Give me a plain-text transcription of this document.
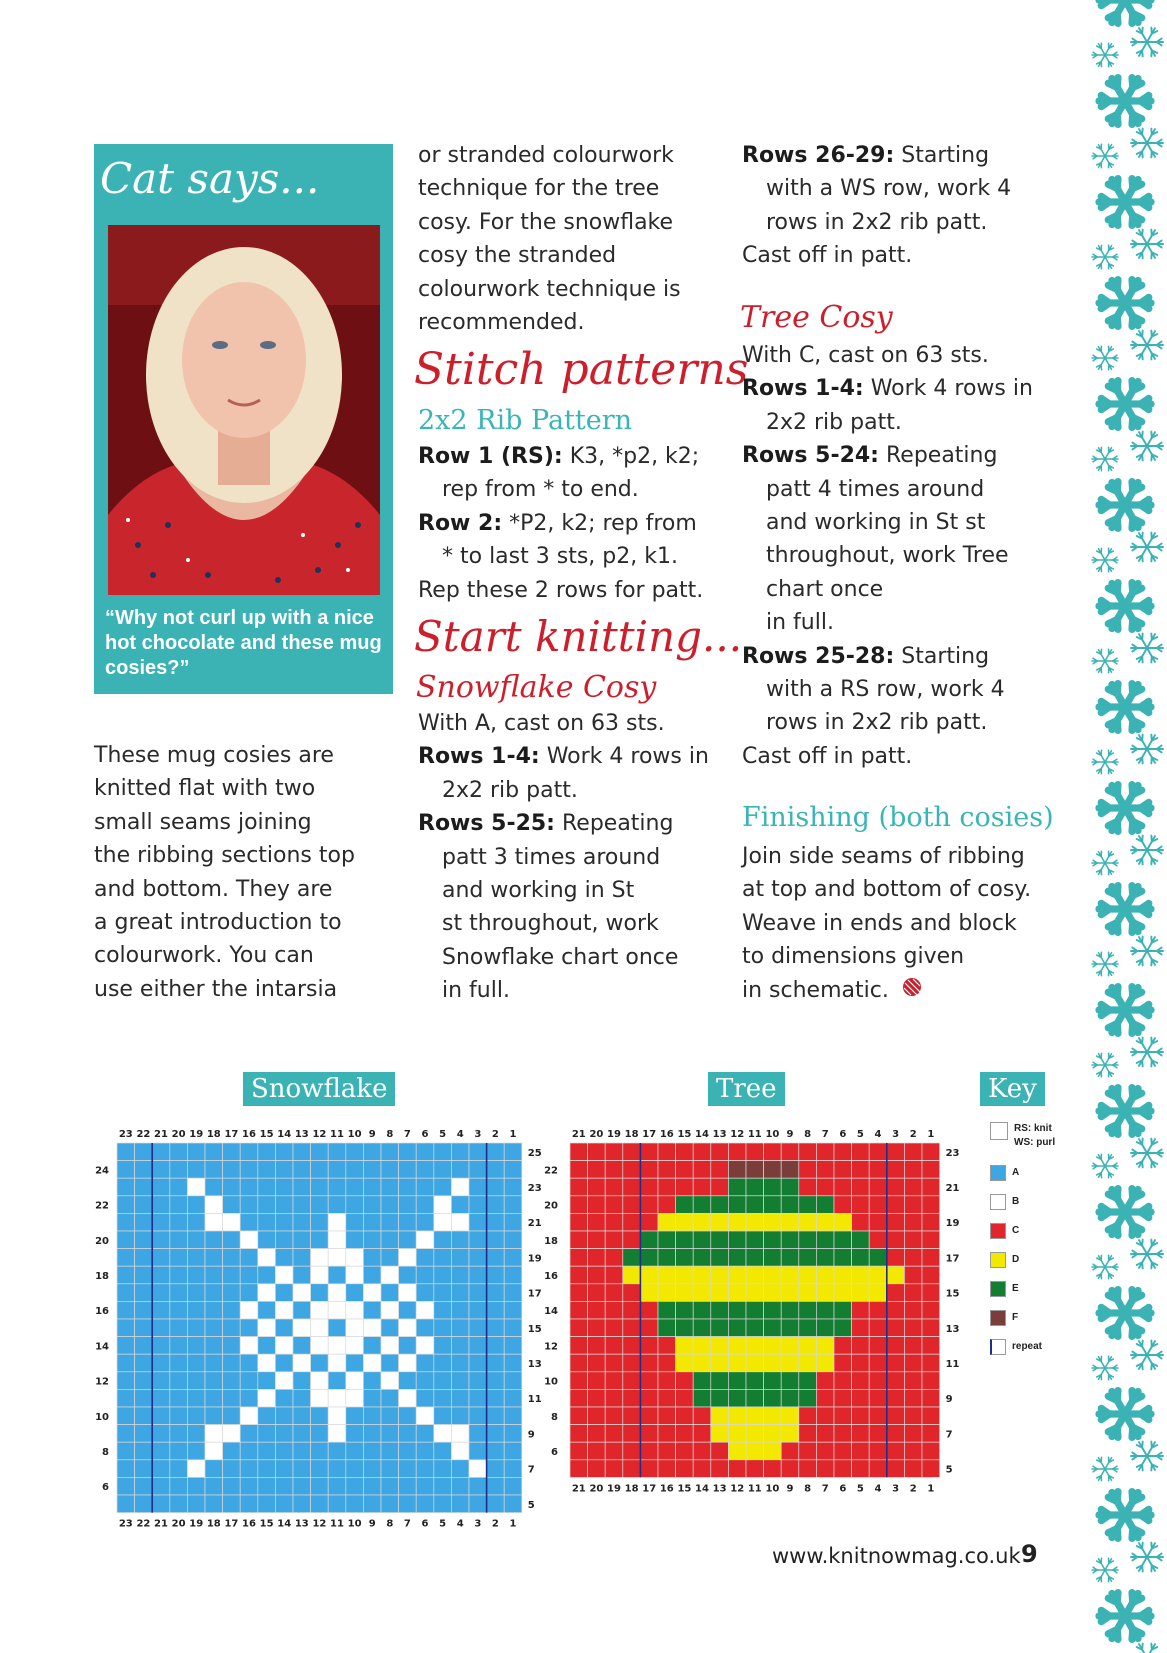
Cat says...
“Why not curl up with a nice hot chocolate and these mug cosies?”
These mug cosies are
knitted flat with two
small seams joining
the ribbing sections top
and bottom. They are
a great introduction to
colourwork. You can
use either the intarsia
or stranded colourwork
technique for the tree
cosy. For the snowflake
cosy the stranded
colourwork technique is
recommended.
Stitch patterns
2x2 Rib Pattern
Row 1 (RS): K3, *p2, k2;
rep from * to end.
Row 2: *P2, k2; rep from
* to last 3 sts, p2, k1.
Rep these 2 rows for patt.
Start knitting...
Snowflake Cosy
With A, cast on 63 sts.
Rows 1-4: Work 4 rows in
2x2 rib patt.
Rows 5-25: Repeating
patt 3 times around
and working in St
st throughout, work
Snowflake chart once
in full.
Rows 26-29: Starting
with a WS row, work 4
rows in 2x2 rib patt.
Cast off in patt.
Tree Cosy
With C, cast on 63 sts.
Rows 1-4: Work 4 rows in
2x2 rib patt.
Rows 5-24: Repeating
patt 4 times around
and working in St st
throughout, work Tree
chart once
in full.
Rows 25-28: Starting
with a RS row, work 4
rows in 2x2 rib patt.
Cast off in patt.
Finishing (both cosies)
Join side seams of ribbing
at top and bottom of cosy.
Weave in ends and block
to dimensions given
in schematic.
Snowflake	Tree	Key
23
23
22
22
21
21
20
20
19
19
18
18
17
17
16
16
15
15
14
14
13
13
12
12
11
11
10
10
9
9
8
8
7
7
6
6
5
5
4
4
3
3
2
2
1
1
25
24
23
22
21
20
19
18
17
16
15
14
13
12
11
10
9
8
7
6
5
21
21
20
20
19
19
18
18
17
17
16
16
15
15
14
14
13
13
12
12
11
11
10
10
9
9
8
8
7
7
6
6
5
5
4
4
3
3
2
2
1
1
23
22
21
20
19
18
17
16
15
14
13
12
11
10
9
8
7
6
5
RS: knit
WS: purl
A
B
C
D
E
F
repeat
www.knitnowmag.co.uk 9
